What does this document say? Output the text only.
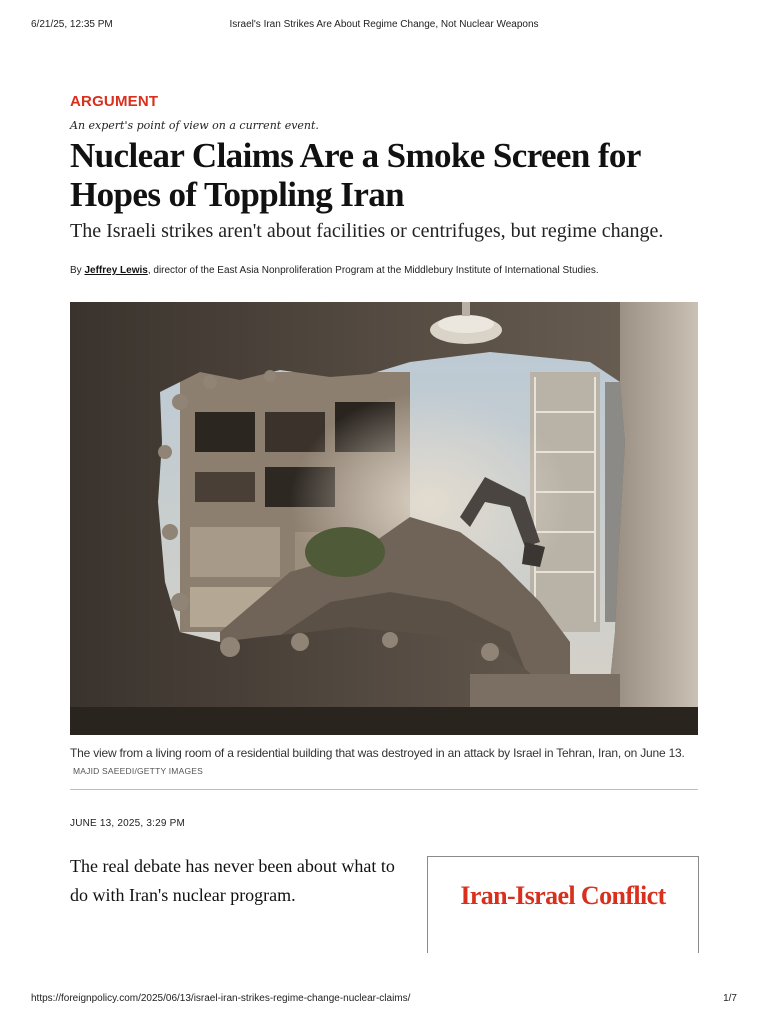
6/21/25, 12:35 PM	Israel's Iran Strikes Are About Regime Change, Not Nuclear Weapons
ARGUMENT
An expert's point of view on a current event.
Nuclear Claims Are a Smoke Screen for Hopes of Toppling Iran
The Israeli strikes aren't about facilities or centrifuges, but regime change.
By Jeffrey Lewis, director of the East Asia Nonproliferation Program at the Middlebury Institute of International Studies.
The view from a living room of a residential building that was destroyed in an attack by Israel in Tehran, Iran, on June 13.
MAJID SAEEDI/GETTY IMAGES
JUNE 13, 2025, 3:29 PM
The real debate has never been about what to do with Iran's nuclear program.	Iran-Israel Conflict
https://foreignpolicy.com/2025/06/13/israel-iran-strikes-regime-change-nuclear-claims/	1/7
